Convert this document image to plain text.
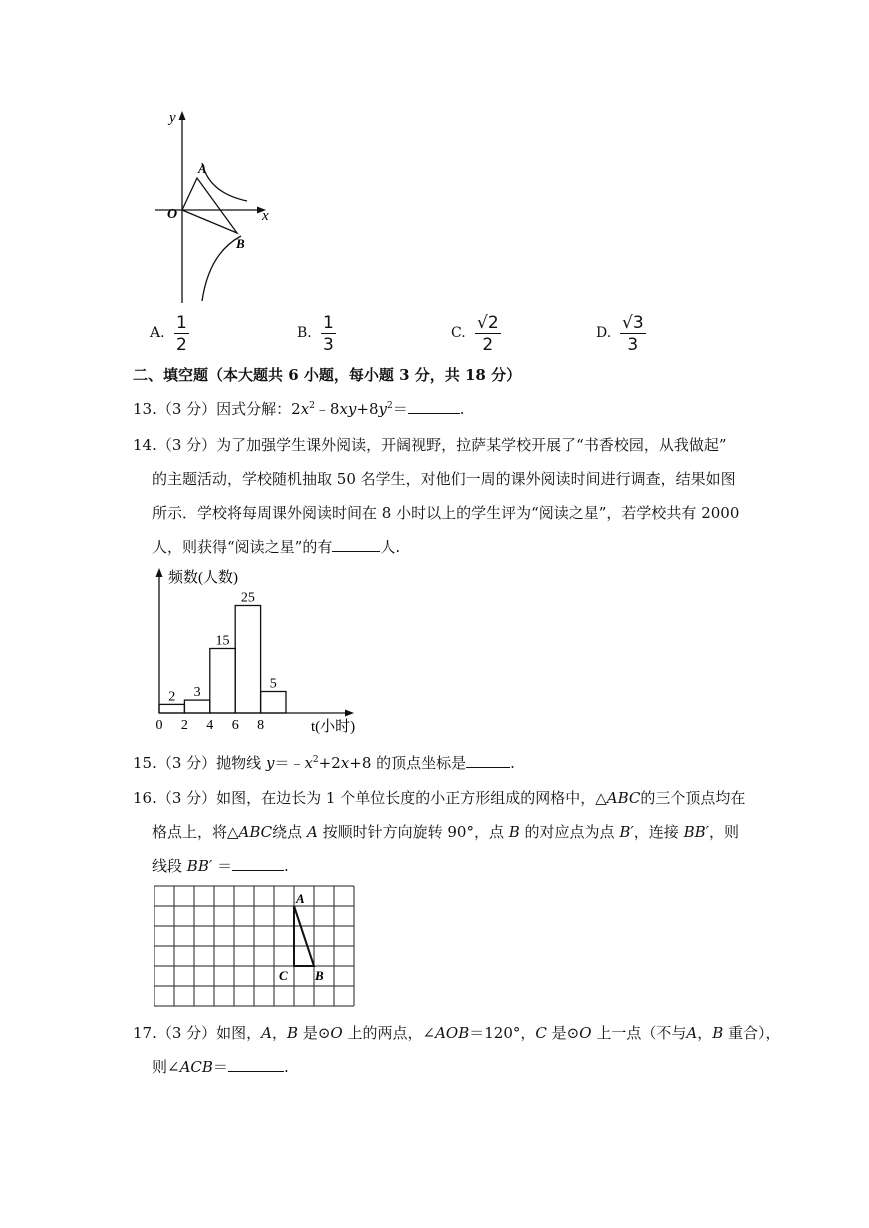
y
x
O
A
B
A. $\frac{1}{2}$	B. $\frac{1}{3}$	C. $\frac{√2}{2}$	D. $\frac{√3}{3}$
二、填空题（本大题共 6 小题，每小题 3 分，共 18 分）
13.（3 分）因式分解：$2x^2﹣8xy+8y^2=$	.
14.（3 分）为了加强学生课外阅读，开阔视野，拉萨某学校开展了“书香校园，从我做起”
的主题活动，学校随机抽取 50 名学生，对他们一周的课外阅读时间进行调查，结果如图
所示．学校将每周课外阅读时间在 8 小时以上的学生评为“阅读之星”，若学校共有 2000
人，则获得“阅读之星”的有	人.
频数(人数)
t(小时)
2 3
15
25
5
0 2 4 6 8
15.（3 分）抛物线 $y=﹣x^2+2x+8$ 的顶点坐标是	.
16.（3 分）如图，在边长为 1 个单位长度的小正方形组成的网格中，△ABC的三个顶点均在
格点上，将△ABC绕点 A 按顺时针方向旋转 90°，点 B 的对应点为点 B′，连接 BB′，则
线段 BB′ ＝	.
A
B
C
17.（3 分）如图，A，B 是⊙O 上的两点，∠AOB＝120°，C 是⊙O 上一点（不与A，B 重合），
则∠ACB＝	.
